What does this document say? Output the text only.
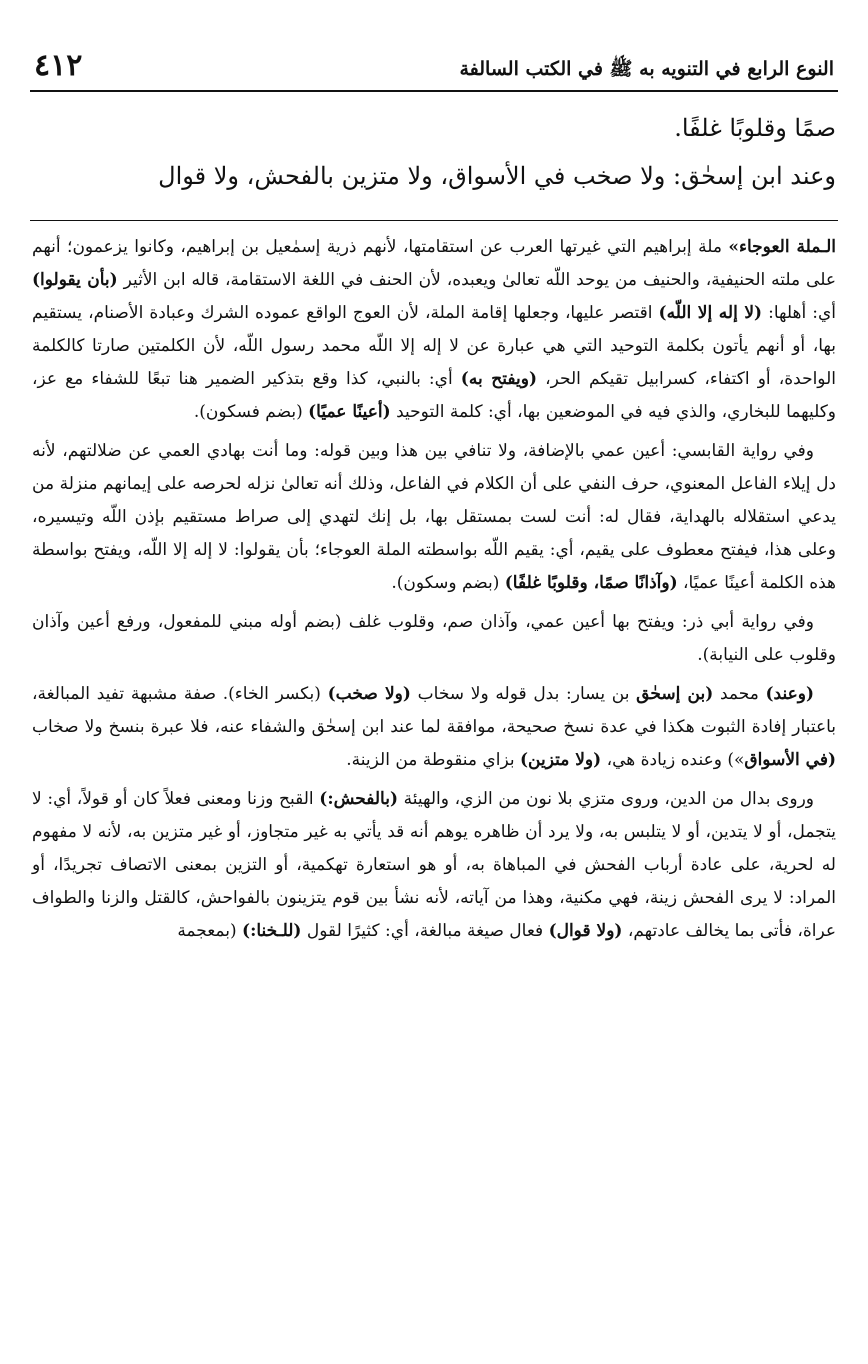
النوع الرابع في التنويه به ﷺ في الكتب السالفة
٤١٢

صمًا وقلوبًا غلفًا.

وعند ابن إسحٰق: ولا صخب في الأسواق، ولا متزين بالفحش، ولا قوال

الـملة العوجاء» ملة إبراهيم التي غيرتها العرب عن استقامتها، لأنهم ذرية إسمٰعيل بن إبراهيم، وكانوا يزعمون؛ أنهم على ملته الحنيفية، والحنيف من يوحد اللّه تعالىٰ ويعبده، لأن الحنف في اللغة الاستقامة، قاله ابن الأثير (بأن يقولوا) أي: أهلها: (لا إله إلا اللّه) اقتصر عليها، وجعلها إقامة الملة، لأن العوج الواقع عموده الشرك وعبادة الأصنام، يستقيم بها، أو أنهم يأتون بكلمة التوحيد التي هي عبارة عن لا إله إلا اللّه محمد رسول اللّه، لأن الكلمتين صارتا كالكلمة الواحدة، أو اكتفاء، كسرابيل تقيكم الحر، (ويفتح به) أي: بالنبي، كذا وقع بتذكير الضمير هنا تبعًا للشفاء مع عز، وكليهما للبخاري، والذي فيه في الموضعين بها، أي: كلمة التوحيد (أعينًا عميًا) (بضم فسكون).

وفي رواية القابسي: أعين عمي بالإضافة، ولا تنافي بين هذا وبين قوله: وما أنت بهادي العمي عن ضلالتهم، لأنه دل إيلاء الفاعل المعنوي، حرف النفي على أن الكلام في الفاعل، وذلك أنه تعالىٰ نزله لحرصه على إيمانهم منزلة من يدعي استقلاله بالهداية، فقال له: أنت لست بمستقل بها، بل إنك لتهدي إلى صراط مستقيم بإذن اللّه وتيسيره، وعلى هذا، فيفتح معطوف على يقيم، أي: يقيم اللّه بواسطته الملة العوجاء؛ بأن يقولوا: لا إله إلا اللّه، ويفتح بواسطة هذه الكلمة أعينًا عميًا، (وآذانًا صمًا، وقلوبًا غلفًا) (بضم وسكون).

وفي رواية أبي ذر: ويفتح بها أعين عمي، وآذان صم، وقلوب غلف (بضم أوله مبني للمفعول، ورفع أعين وآذان وقلوب على النيابة).

(وعند) محمد (بن إسحٰق بن يسار: بدل قوله ولا سخاب (ولا صخب) (بكسر الخاء). صفة مشبهة تفيد المبالغة، باعتبار إفادة الثبوت هكذا في عدة نسخ صحيحة، موافقة لما عند ابن إسحٰق والشفاء عنه، فلا عبرة بنسخ ولا صخاب (في الأسواق») وعنده زيادة هي، (ولا متزين) بزاي منقوطة من الزينة.

وروى بدال من الدين، وروى متزي بلا نون من الزي، والهيئة (بالفحش:) القبح وزنا ومعنى فعلاً كان أو قولاً، أي: لا يتجمل، أو لا يتدين، أو لا يتلبس به، ولا يرد أن ظاهره يوهم أنه قد يأتي به غير متجاوز، أو غير متزين به، لأنه لا مفهوم له لحرية، على عادة أرباب الفحش في المباهاة به، أو هو استعارة تهكمية، أو التزين بمعنى الاتصاف تجريدًا، أو المراد: لا يرى الفحش زينة، فهي مكنية، وهذا من آياته، لأنه نشأ بين قوم يتزينون بالفواحش، كالقتل والزنا والطواف عراة، فأتى بما يخالف عادتهم، (ولا قوال) فعال صيغة مبالغة، أي: كثيرًا لقول (للـخنا:) (بمعجمة
